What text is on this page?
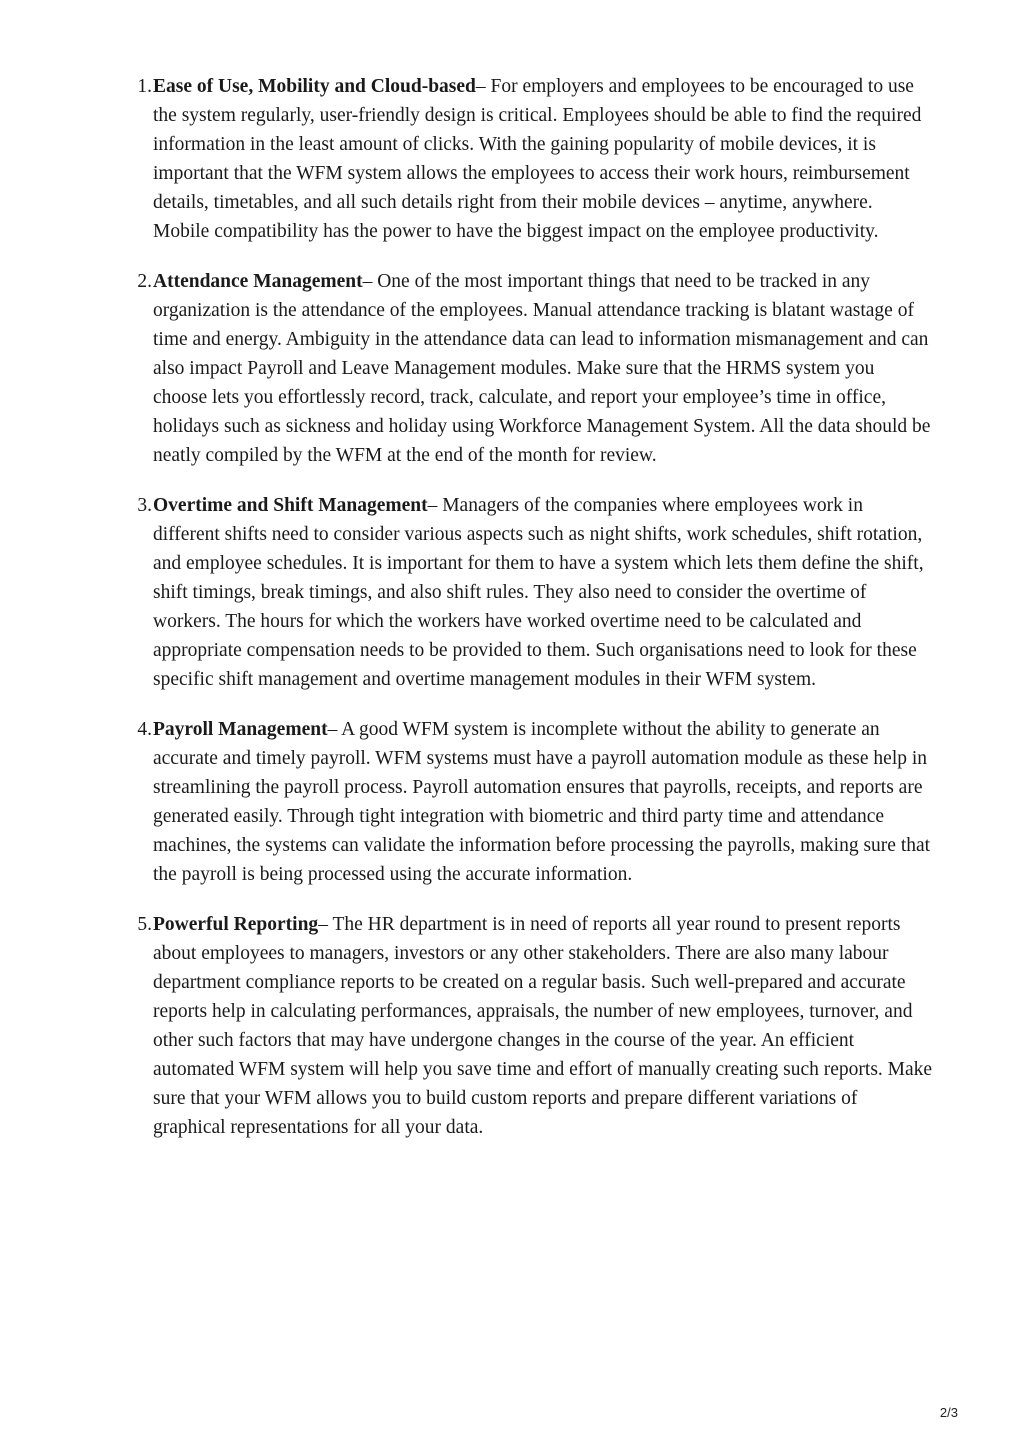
1. Ease of Use, Mobility and Cloud-based– For employers and employees to be encouraged to use the system regularly, user-friendly design is critical. Employees should be able to find the required information in the least amount of clicks. With the gaining popularity of mobile devices, it is important that the WFM system allows the employees to access their work hours, reimbursement details, timetables, and all such details right from their mobile devices – anytime, anywhere. Mobile compatibility has the power to have the biggest impact on the employee productivity.
2. Attendance Management– One of the most important things that need to be tracked in any organization is the attendance of the employees. Manual attendance tracking is blatant wastage of time and energy. Ambiguity in the attendance data can lead to information mismanagement and can also impact Payroll and Leave Management modules. Make sure that the HRMS system you choose lets you effortlessly record, track, calculate, and report your employee’s time in office, holidays such as sickness and holiday using Workforce Management System. All the data should be neatly compiled by the WFM at the end of the month for review.
3. Overtime and Shift Management– Managers of the companies where employees work in different shifts need to consider various aspects such as night shifts, work schedules, shift rotation, and employee schedules. It is important for them to have a system which lets them define the shift, shift timings, break timings, and also shift rules. They also need to consider the overtime of workers. The hours for which the workers have worked overtime need to be calculated and appropriate compensation needs to be provided to them. Such organisations need to look for these specific shift management and overtime management modules in their WFM system.
4. Payroll Management– A good WFM system is incomplete without the ability to generate an accurate and timely payroll. WFM systems must have a payroll automation module as these help in streamlining the payroll process. Payroll automation ensures that payrolls, receipts, and reports are generated easily. Through tight integration with biometric and third party time and attendance machines, the systems can validate the information before processing the payrolls, making sure that the payroll is being processed using the accurate information.
5. Powerful Reporting– The HR department is in need of reports all year round to present reports about employees to managers, investors or any other stakeholders. There are also many labour department compliance reports to be created on a regular basis. Such well-prepared and accurate reports help in calculating performances, appraisals, the number of new employees, turnover, and other such factors that may have undergone changes in the course of the year. An efficient automated WFM system will help you save time and effort of manually creating such reports. Make sure that your WFM allows you to build custom reports and prepare different variations of graphical representations for all your data.
2/3
